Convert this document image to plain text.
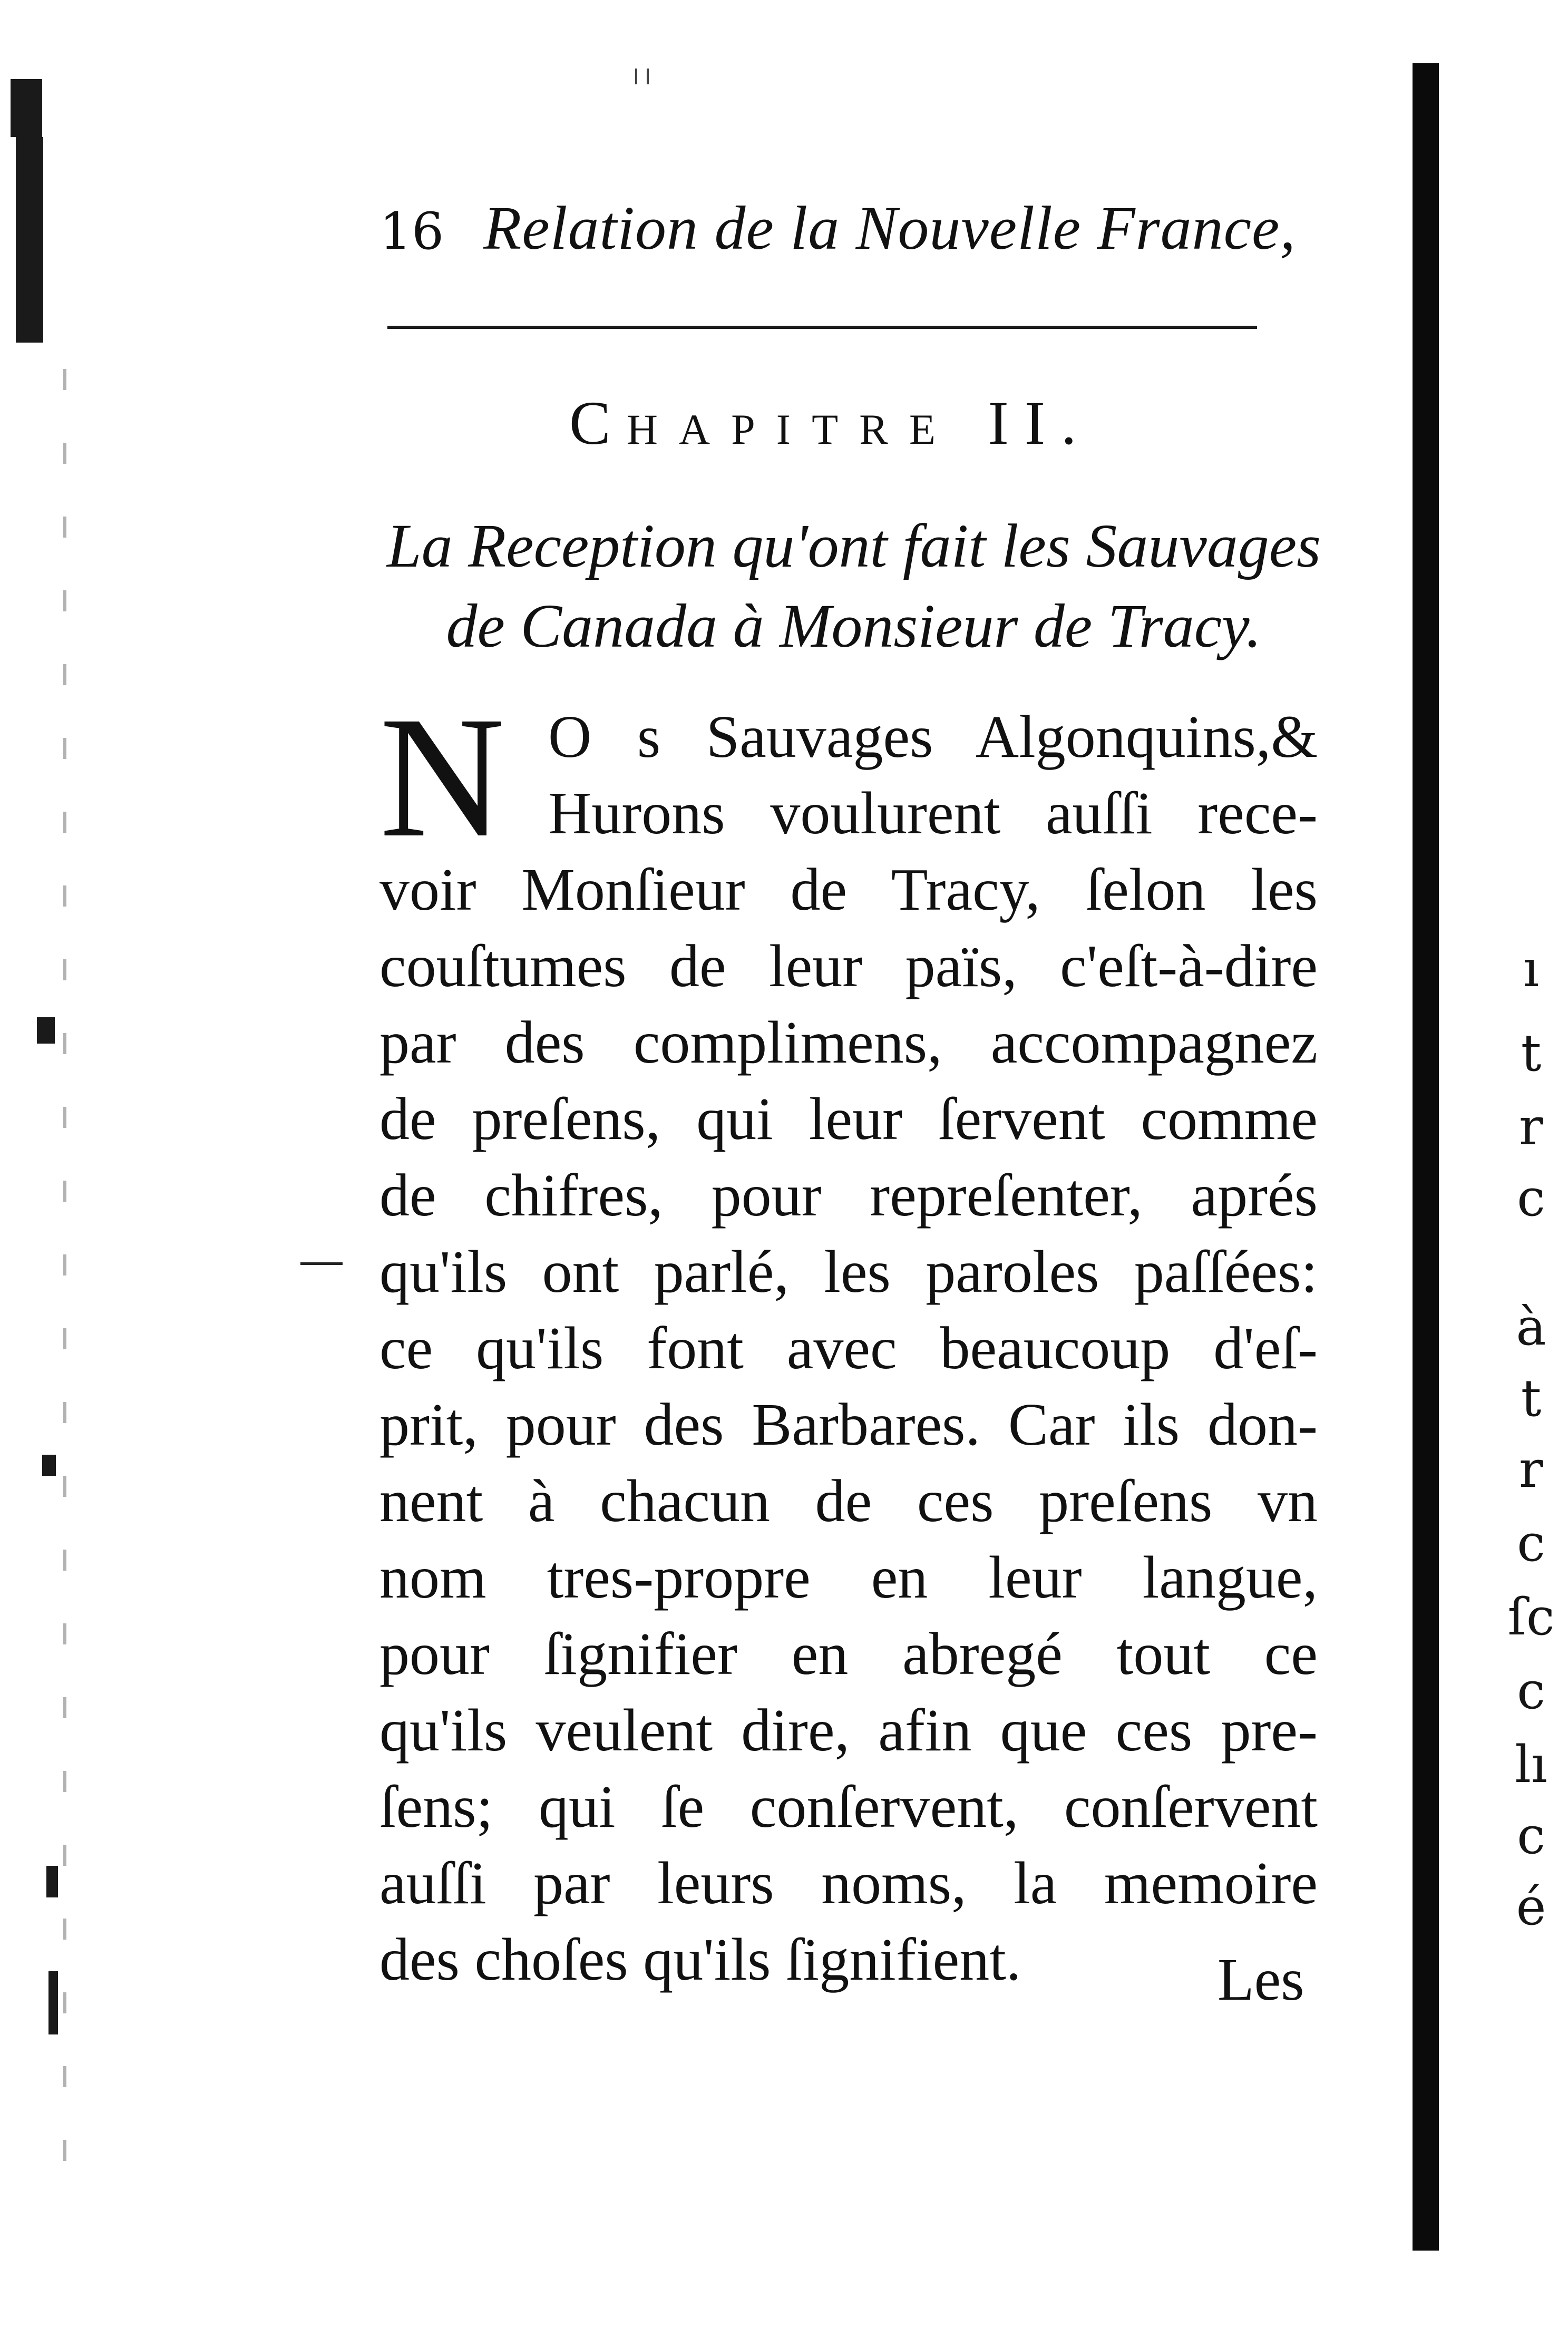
ı
t
r
c
à
t
r
c
ſc
c
lı
c
é
16 Relation de la Nouvelle France,
CHAPITRE II.
La Reception qu'ont fait les Sauvages
de Canada à Monsieur de Tracy.
N O s Sauvages Algonquins,&
Hurons voulurent auſſi rece-
voir Monſieur de Tracy, ſelon les
couſtumes de leur païs, c'eſt-à-dire
par des complimens, accompagnez
de preſens, qui leur ſervent comme
de chifres, pour repreſenter, aprés
qu'ils ont parlé, les paroles paſſées:
ce qu'ils font avec beaucoup d'eſ-
prit, pour des Barbares. Car ils don-
nent à chacun de ces preſens vn
nom tres-propre en leur langue,
pour ſignifier en abregé tout ce
qu'ils veulent dire, afin que ces pre-
ſens; qui ſe conſervent, conſervent
auſſi par leurs noms, la memoire
des choſes qu'ils ſignifient.	Les
